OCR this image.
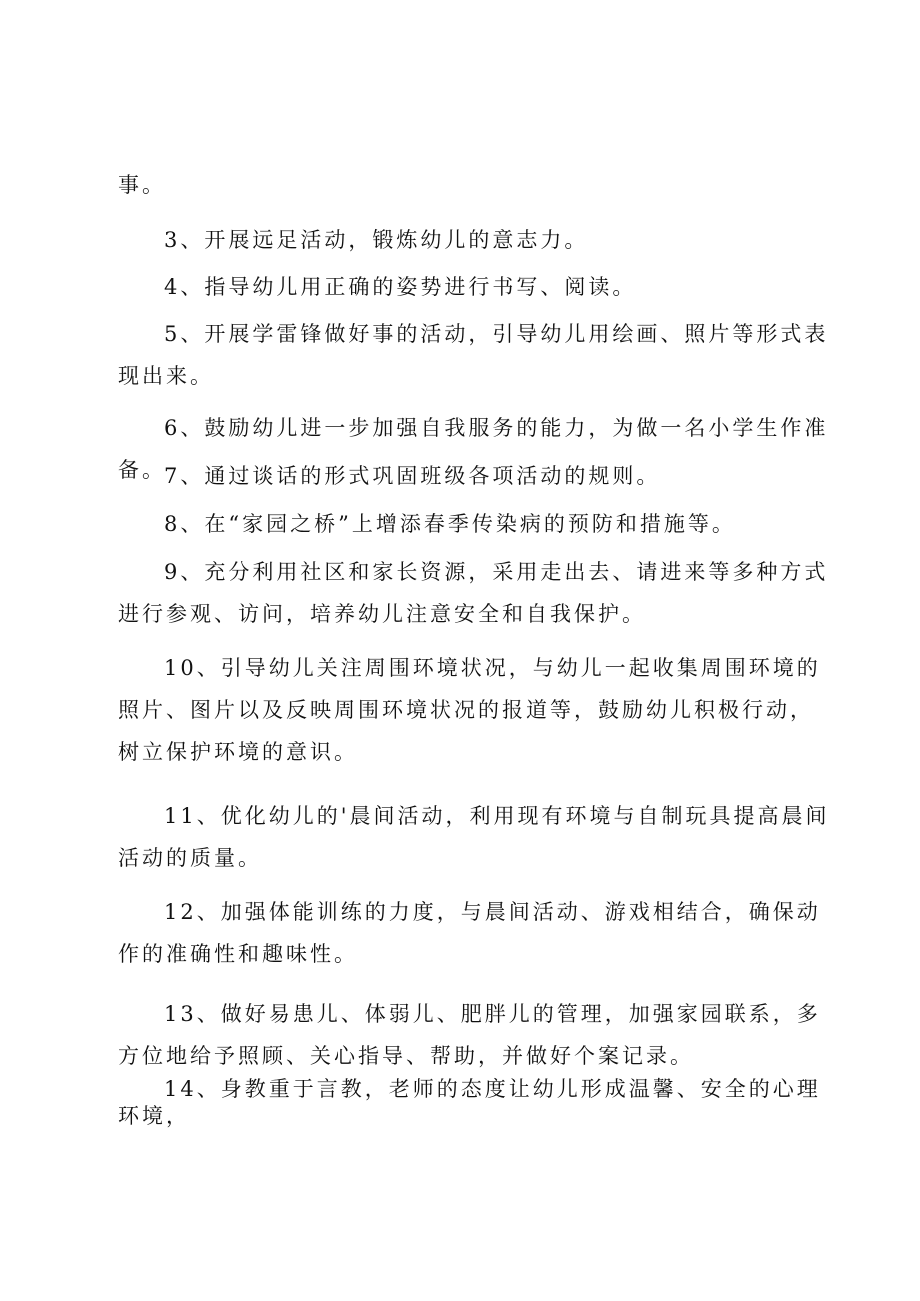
事。
3、开展远足活动，锻炼幼儿的意志力。
4、指导幼儿用正确的姿势进行书写、阅读。
5、开展学雷锋做好事的活动，引导幼儿用绘画、照片等形式表现出来。
6、鼓励幼儿进一步加强自我服务的能力，为做一名小学生作准备。
7、通过谈话的形式巩固班级各项活动的规则。
8、在“家园之桥”上增添春季传染病的预防和措施等。
9、充分利用社区和家长资源，采用走出去、请进来等多种方式进行参观、访问，培养幼儿注意安全和自我保护。
10、引导幼儿关注周围环境状况，与幼儿一起收集周围环境的照片、图片以及反映周围环境状况的报道等，鼓励幼儿积极行动，树立保护环境的意识。
11、优化幼儿的'晨间活动，利用现有环境与自制玩具提高晨间活动的质量。
12、加强体能训练的力度，与晨间活动、游戏相结合，确保动作的准确性和趣味性。
13、做好易患儿、体弱儿、肥胖儿的管理，加强家园联系，多方位地给予照顾、关心指导、帮助，并做好个案记录。
14、身教重于言教，老师的态度让幼儿形成温馨、安全的心理环境，
